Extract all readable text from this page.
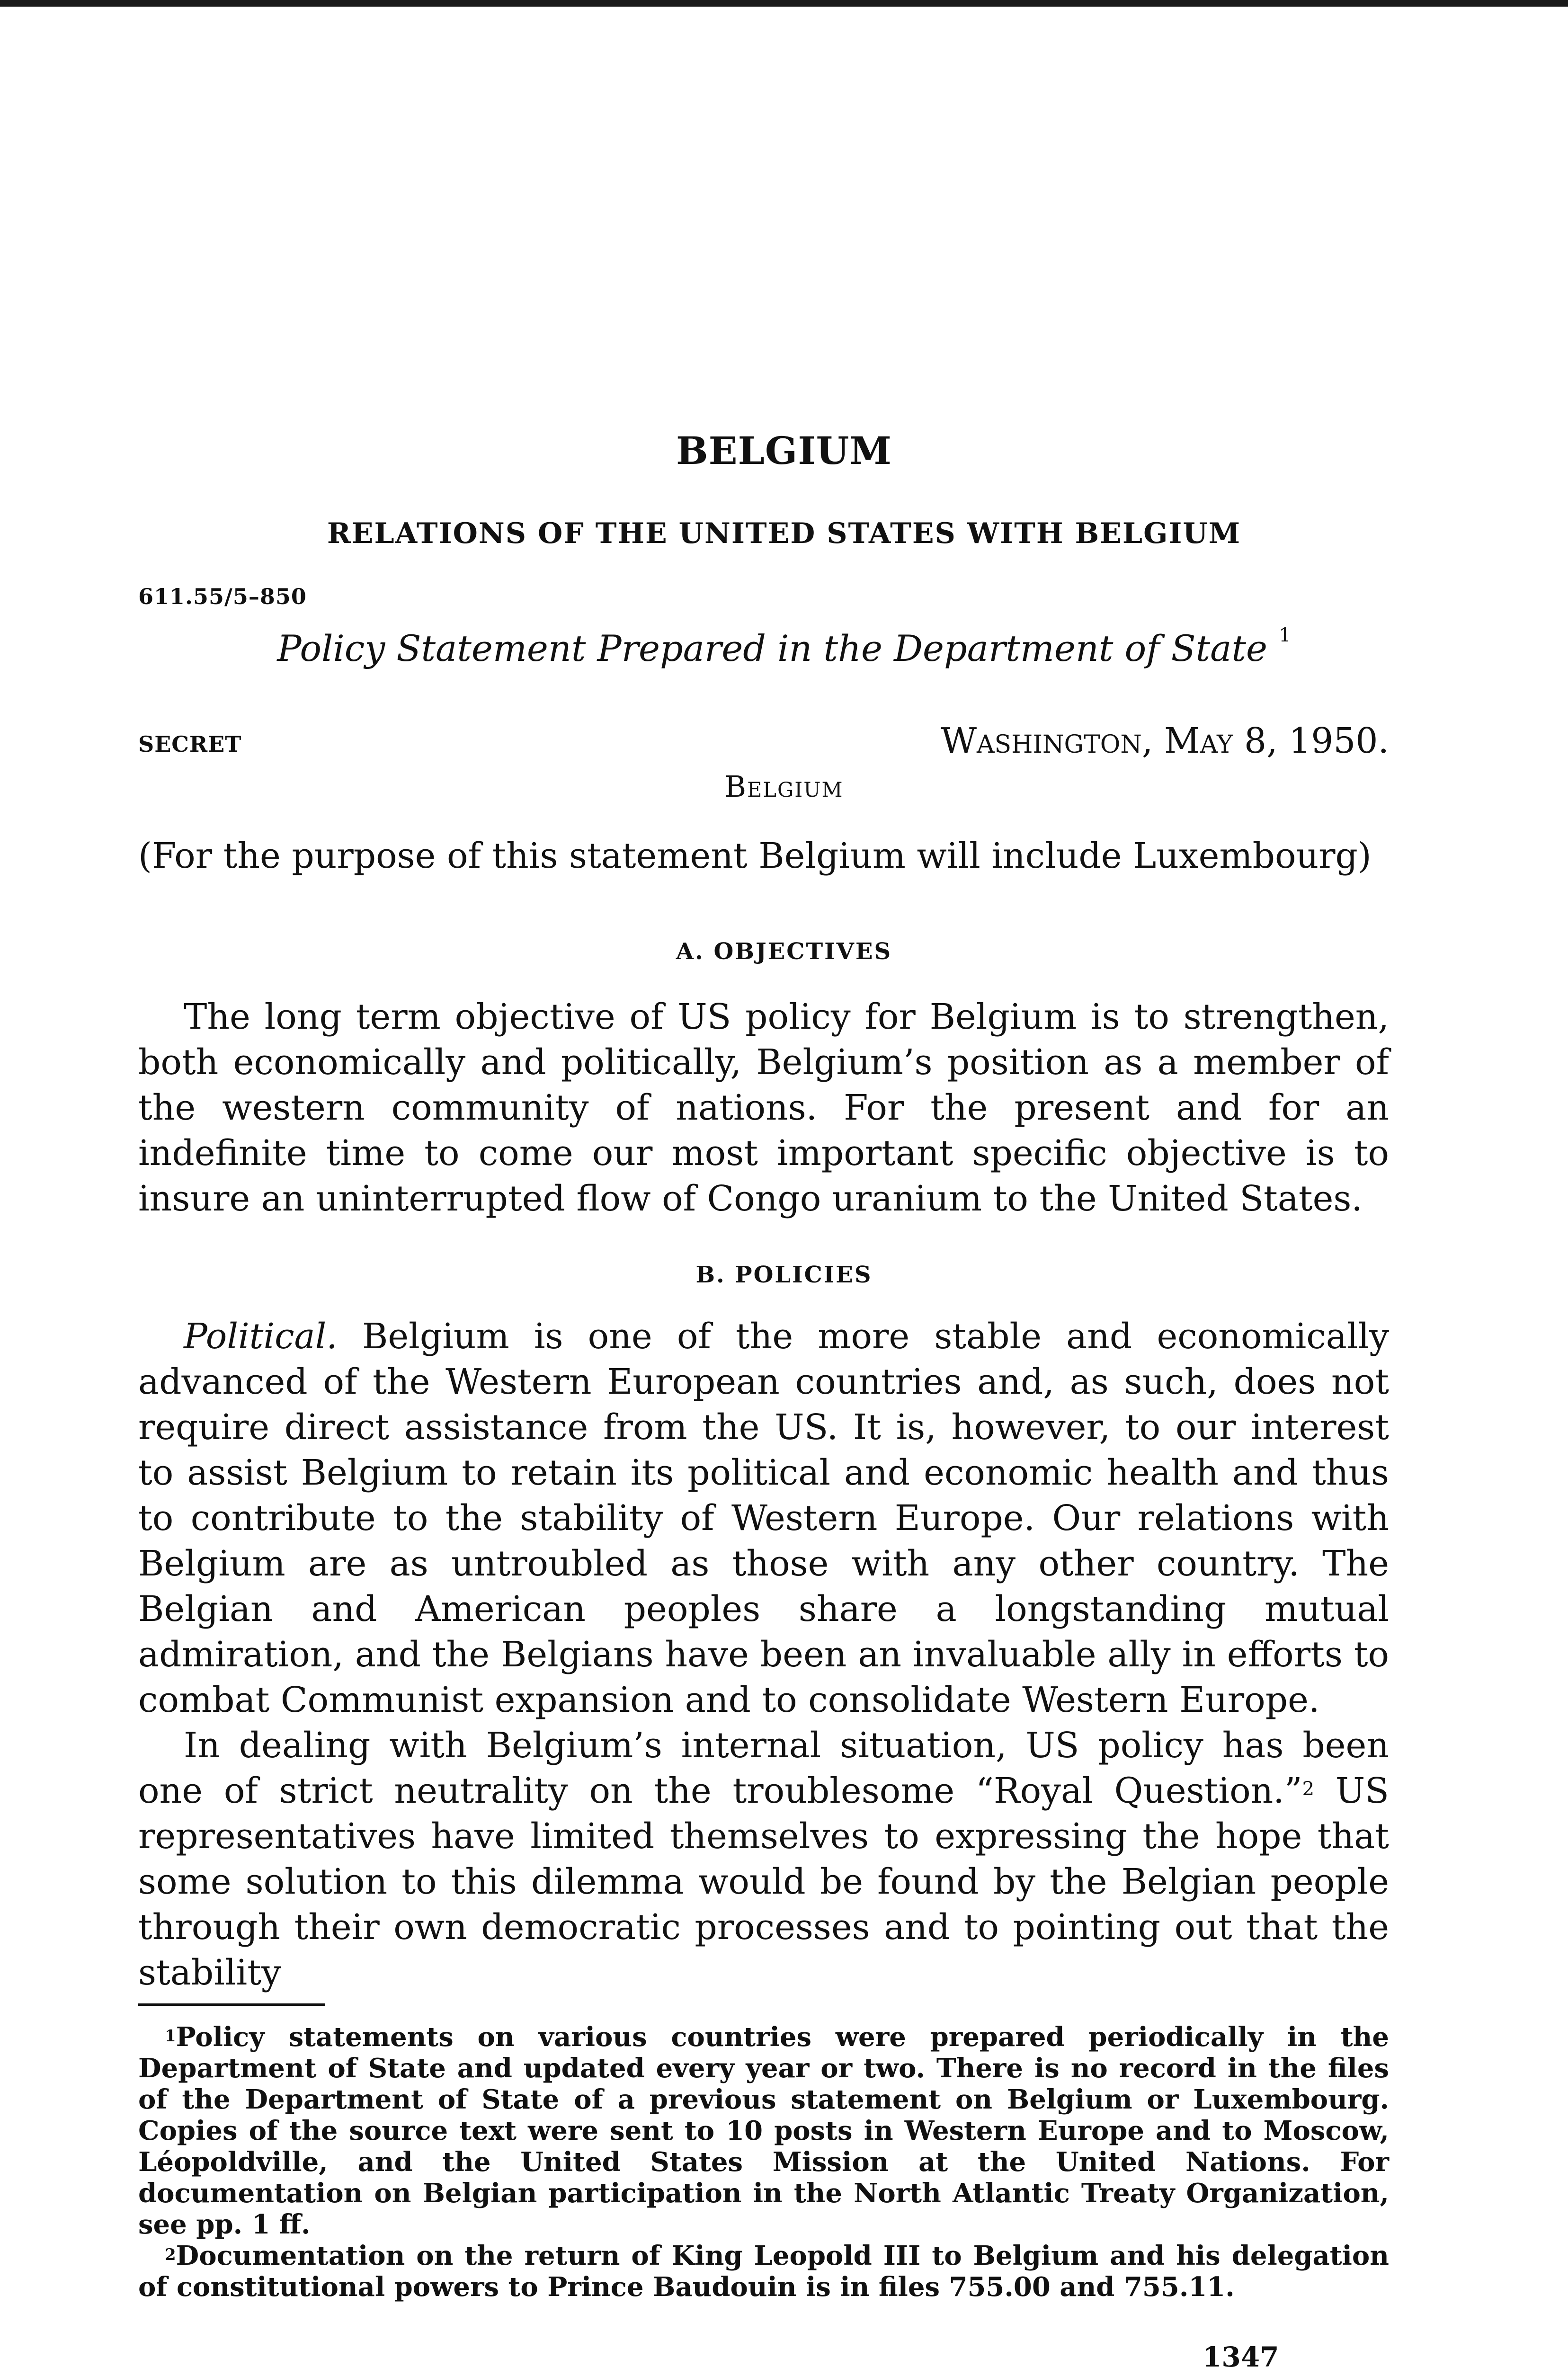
BELGIUM
RELATIONS OF THE UNITED STATES WITH BELGIUM
611.55/5–850
Policy Statement Prepared in the Department of State $^1$
SECRET	Washington, May 8, 1950.
Belgium

(For the purpose of this statement Belgium will include Luxembourg)

A. OBJECTIVES

The long term objective of US policy for Belgium is to strengthen, both economically and politically, Belgium’s position as a member of the western community of nations. For the present and for an indefinite time to come our most important specific objective is to insure an uninterrupted flow of Congo uranium to the United States.

B. POLICIES

Political. Belgium is one of the more stable and economically advanced of the Western European countries and, as such, does not require direct assistance from the US. It is, however, to our interest to assist Belgium to retain its political and economic health and thus to contribute to the stability of Western Europe. Our relations with Belgium are as untroubled as those with any other country. The Belgian and American peoples share a longstanding mutual admiration, and the Belgians have been an invaluable ally in efforts to combat Communist expansion and to consolidate Western Europe.

In dealing with Belgium’s internal situation, US policy has been one of strict neutrality on the troublesome “Royal Question.”$^2$ US representatives have limited themselves to expressing the hope that some solution to this dilemma would be found by the Belgian people through their own democratic processes and to pointing out that the stability

$^1$Policy statements on various countries were prepared periodically in the Department of State and updated every year or two. There is no record in the files of the Department of State of a previous statement on Belgium or Luxembourg. Copies of the source text were sent to 10 posts in Western Europe and to Moscow, Léopoldville, and the United States Mission at the United Nations. For documentation on Belgian participation in the North Atlantic Treaty Organization, see pp. 1 ff.

$^2$Documentation on the return of King Leopold III to Belgium and his delegation of constitutional powers to Prince Baudouin is in files 755.00 and 755.11.

1347
